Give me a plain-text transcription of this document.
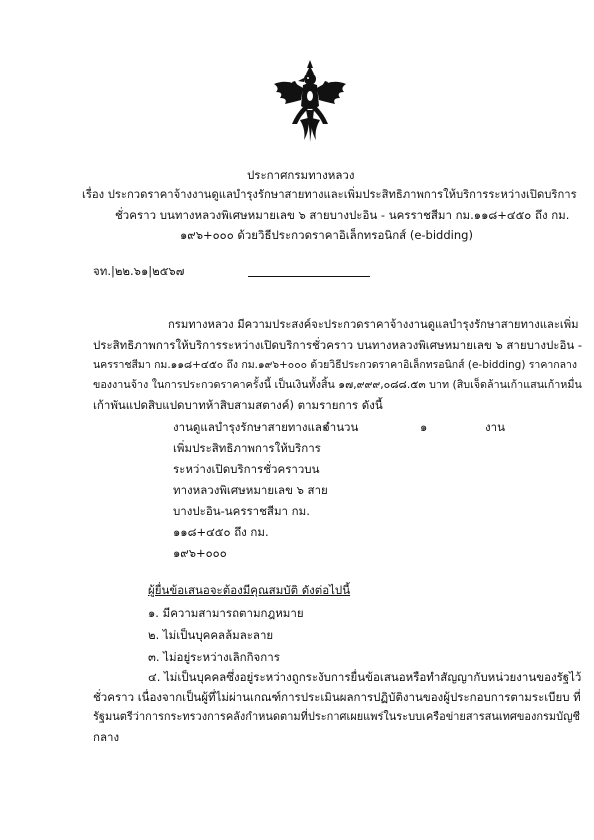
ประกาศกรมทางหลวง
เรื่อง ประกวดราคาจ้างงานดูแลบำรุงรักษาสายทางและเพิ่มประสิทธิภาพการให้บริการระหว่างเปิดบริการ
ชั่วคราว บนทางหลวงพิเศษหมายเลข ๖ สายบางปะอิน - นครราชสีมา กม.๑๑๘+๔๕๐ ถึง กม.
๑๙๖+๐๐๐ ด้วยวิธีประกวดราคาอิเล็กทรอนิกส์ (e-bidding)
จท.|๒๒.๖๑|๒๕๖๗
กรมทางหลวง มีความประสงค์จะประกวดราคาจ้างงานดูแลบำรุงรักษาสายทางและเพิ่ม
ประสิทธิภาพการให้บริการระหว่างเปิดบริการชั่วคราว บนทางหลวงพิเศษหมายเลข ๖ สายบางปะอิน -
นครราชสีมา กม.๑๑๘+๔๕๐ ถึง กม.๑๙๖+๐๐๐ ด้วยวิธีประกวดราคาอิเล็กทรอนิกส์ (e-bidding) ราคากลาง
ของงานจ้าง ในการประกวดราคาครั้งนี้ เป็นเงินทั้งสิ้น ๑๗,๙๙๙,๐๘๘.๕๓ บาท (สิบเจ็ดล้านเก้าแสนเก้าหมื่น
เก้าพันแปดสิบแปดบาทห้าสิบสามสตางค์) ตามรายการ ดังนี้
งานดูแลบำรุงรักษาสายทางและ
เพิ่มประสิทธิภาพการให้บริการ
ระหว่างเปิดบริการชั่วคราวบน
ทางหลวงพิเศษหมายเลข ๖ สาย
บางปะอิน-นครราชสีมา กม.
๑๑๘+๔๕๐ ถึง กม.
๑๙๖+๐๐๐
จำนวน	๑	งาน
ผู้ยื่นข้อเสนอจะต้องมีคุณสมบัติ ดังต่อไปนี้
๑. มีความสามารถตามกฎหมาย
๒. ไม่เป็นบุคคลล้มละลาย
๓. ไม่อยู่ระหว่างเลิกกิจการ
๔. ไม่เป็นบุคคลซึ่งอยู่ระหว่างถูกระงับการยื่นข้อเสนอหรือทำสัญญากับหน่วยงานของรัฐไว้
ชั่วคราว เนื่องจากเป็นผู้ที่ไม่ผ่านเกณฑ์การประเมินผลการปฏิบัติงานของผู้ประกอบการตามระเบียบ ที่
รัฐมนตรีว่าการกระทรวงการคลังกำหนดตามที่ประกาศเผยแพร่ในระบบเครือข่ายสารสนเทศของกรมบัญชี
กลาง
